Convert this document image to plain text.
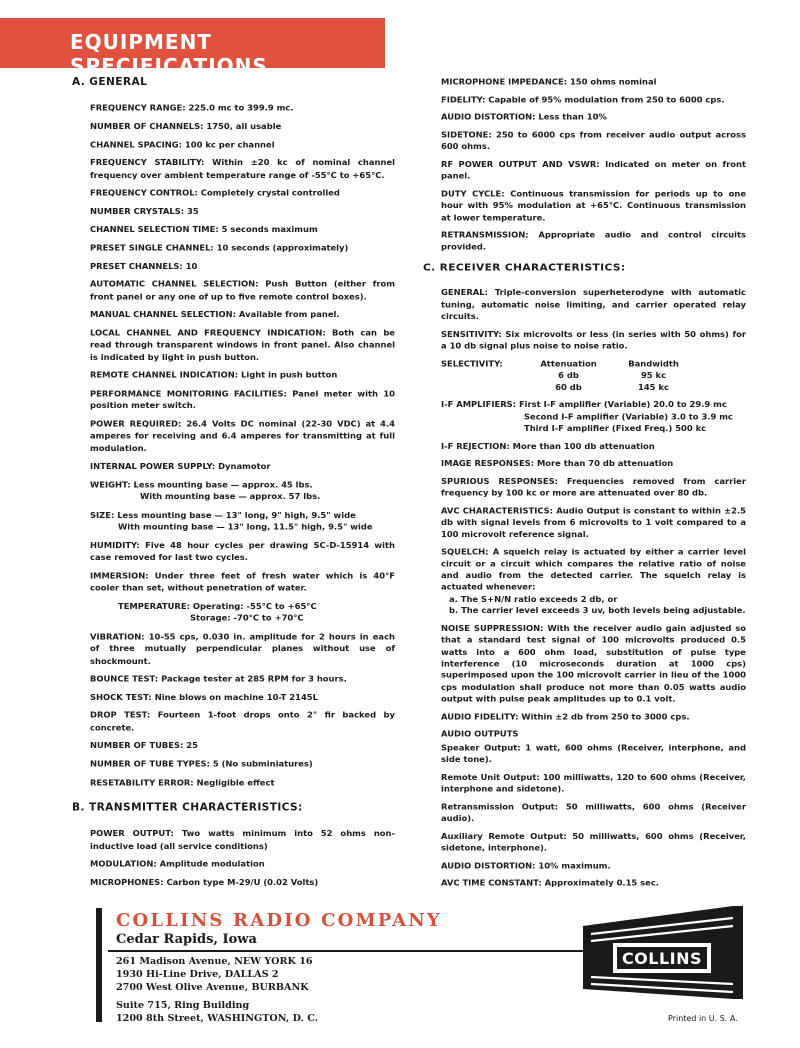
EQUIPMENT SPECIFICATIONS
A. GENERAL
FREQUENCY RANGE: 225.0 mc to 399.9 mc.
NUMBER OF CHANNELS: 1750, all usable
CHANNEL SPACING: 100 kc per channel
FREQUENCY STABILITY: Within ±20 kc of nominal channel frequency over ambient temperature range of -55°C to +65°C.
FREQUENCY CONTROL: Completely crystal controlled
NUMBER CRYSTALS: 35
CHANNEL SELECTION TIME: 5 seconds maximum
PRESET SINGLE CHANNEL: 10 seconds (approximately)
PRESET CHANNELS: 10
AUTOMATIC CHANNEL SELECTION: Push Button (either from front panel or any one of up to five remote control boxes).
MANUAL CHANNEL SELECTION: Available from panel.
LOCAL CHANNEL AND FREQUENCY INDICATION: Both can be read through transparent windows in front panel. Also channel is indicated by light in push button.
REMOTE CHANNEL INDICATION: Light in push button
PERFORMANCE MONITORING FACILITIES: Panel meter with 10 position meter switch.
POWER REQUIRED: 26.4 Volts DC nominal (22-30 VDC) at 4.4 amperes for receiving and 6.4 amperes for transmitting at full modulation.
INTERNAL POWER SUPPLY: Dynamotor
WEIGHT: Less mounting base — approx. 45 lbs.
With mounting base — approx. 57 lbs.
SIZE: Less mounting base — 13" long, 9" high, 9.5" wide
With mounting base — 13" long, 11.5" high, 9.5" wide
HUMIDITY: Five 48 hour cycles per drawing SC-D-15914 with case removed for last two cycles.
IMMERSION: Under three feet of fresh water which is 40°F cooler than set, without penetration of water.
TEMPERATURE: Operating: -55°C to +65°C
Storage: -70°C to +70°C
VIBRATION: 10-55 cps, 0.030 in. amplitude for 2 hours in each of three mutually perpendicular planes without use of shockmount.
BOUNCE TEST: Package tester at 285 RPM for 3 hours.
SHOCK TEST: Nine blows on machine 10-T 2145L
DROP TEST: Fourteen 1-foot drops onto 2" fir backed by concrete.
NUMBER OF TUBES: 25
NUMBER OF TUBE TYPES: 5 (No subminiatures)
RESETABILITY ERROR: Negligible effect
B. TRANSMITTER CHARACTERISTICS:
POWER OUTPUT: Two watts minimum into 52 ohms non-inductive load (all service conditions)
MODULATION: Amplitude modulation
MICROPHONES: Carbon type M-29/U (0.02 Volts)
MICROPHONE IMPEDANCE: 150 ohms nominal
FIDELITY: Capable of 95% modulation from 250 to 6000 cps.
AUDIO DISTORTION: Less than 10%
SIDETONE: 250 to 6000 cps from receiver audio output across 600 ohms.
RF POWER OUTPUT AND VSWR: Indicated on meter on front panel.
DUTY CYCLE: Continuous transmission for periods up to one hour with 95% modulation at +65°C. Continuous transmission at lower temperature.
RETRANSMISSION: Appropriate audio and control circuits provided.
C. RECEIVER CHARACTERISTICS:
GENERAL: Triple-conversion superheterodyne with automatic tuning, automatic noise limiting, and carrier operated relay circuits.
SENSITIVITY: Six microvolts or less (in series with 50 ohms) for a 10 db signal plus noise to noise ratio.
SELECTIVITY:	Attenuation	Bandwidth
6 db	95 kc
60 db	145 kc
I-F AMPLIFIERS: First I-F amplifier (Variable) 20.0 to 29.9 mc
Second I-F amplifier (Variable) 3.0 to 3.9 mc
Third I-F amplifier (Fixed Freq.) 500 kc
I-F REJECTION: More than 100 db attenuation
IMAGE RESPONSES: More than 70 db attenuation
SPURIOUS RESPONSES: Frequencies removed from carrier frequency by 100 kc or more are attenuated over 80 db.
AVC CHARACTERISTICS: Audio Output is constant to within ±2.5 db with signal levels from 6 microvolts to 1 volt compared to a 100 microvolt reference signal.
SQUELCH: A squelch relay is actuated by either a carrier level circuit or a circuit which compares the relative ratio of noise and audio from the detected carrier. The squelch relay is actuated whenever:
a. The S+N/N ratio exceeds 2 db, or
b. The carrier level exceeds 3 uv, both levels being adjustable.
NOISE SUPPRESSION: With the receiver audio gain adjusted so that a standard test signal of 100 microvolts produced 0.5 watts into a 600 ohm load, substitution of pulse type interference (10 microseconds duration at 1000 cps) superimposed upon the 100 microvolt carrier in lieu of the 1000 cps modulation shall produce not more than 0.05 watts audio output with pulse peak amplitudes up to 0.1 volt.
AUDIO FIDELITY: Within ±2 db from 250 to 3000 cps.
AUDIO OUTPUTS
Speaker Output: 1 watt, 600 ohms (Receiver, interphone, and side tone).
Remote Unit Output: 100 milliwatts, 120 to 600 ohms (Receiver, interphone and sidetone).
Retransmission Output: 50 milliwatts, 600 ohms (Receiver audio).
Auxiliary Remote Output: 50 milliwatts, 600 ohms (Receiver, sidetone, interphone).
AUDIO DISTORTION: 10% maximum.
AVC TIME CONSTANT: Approximately 0.15 sec.
COLLINS RADIO COMPANY
Cedar Rapids, Iowa
261 Madison Avenue, NEW YORK 16
1930 Hi-Line Drive, DALLAS 2
2700 West Olive Avenue, BURBANK
Suite 715, Ring Building
1200 8th Street, WASHINGTON, D. C.
COLLINS
Printed in U. S. A.
